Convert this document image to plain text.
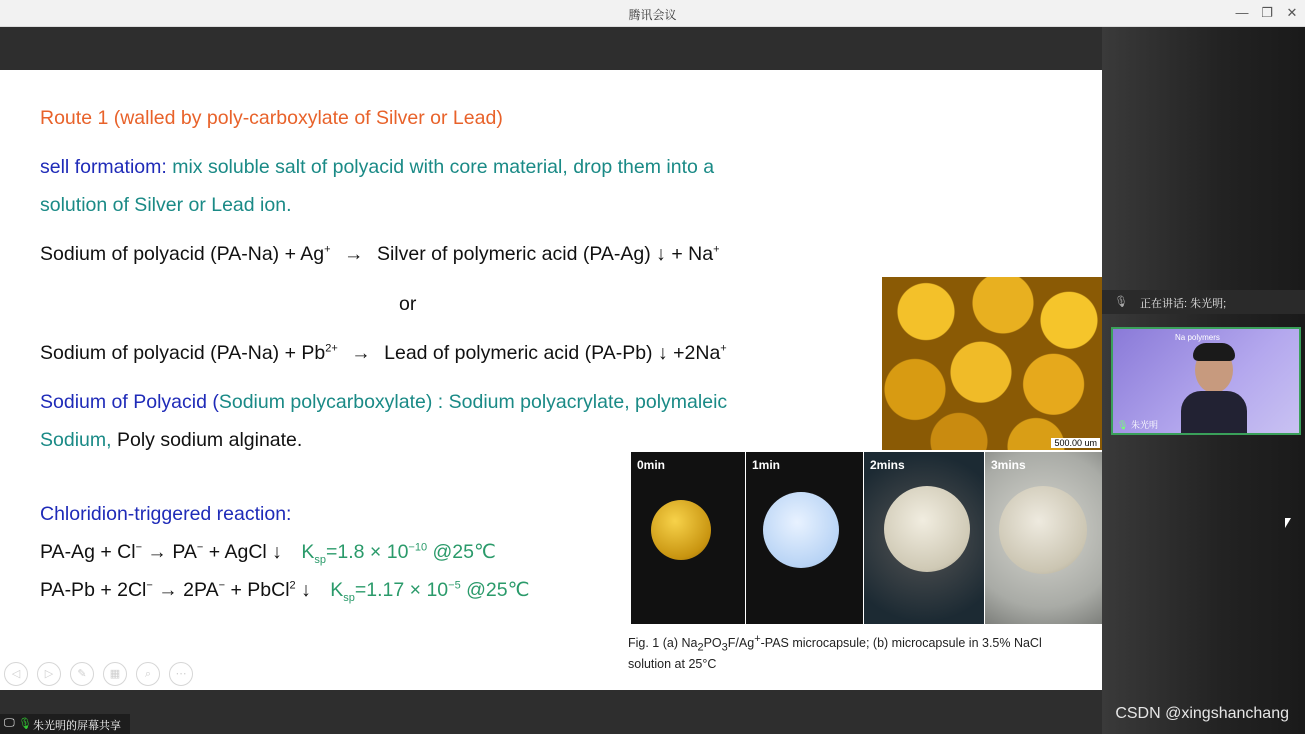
腾讯会议	— ❐ ✕
Route 1 (walled by poly-carboxylate of Silver or Lead)
sell formatiom: mix soluble salt of polyacid with core material, drop them into a
solution of Silver or Lead ion.
Sodium of polyacid (PA-Na) + Ag+ → Silver of polymeric acid (PA-Ag) ↓ + Na+
or
Sodium of polyacid $(PA-Na) + Pb^{2+}$ → Lead of polymeric acid (PA-Pb) ↓ +2Na+
Sodium of Polyacid (Sodium polycarboxylate) : Sodium polyacrylate, polymaleic
Sodium, Poly sodium alginate.
Chloridion-triggered reaction:
PA-Ag + Cl− → PA− + AgCl ↓ $K_{sp}=1.8 \times 10^{-10}$ @25℃
PA-Pb + 2Cl− → 2PA− + PbCl$^2$ ↓ $K_{sp}=1.17 \times 10^{-5}$ @25℃
500.00 um
0min	1min	2mins	3mins
Fig. 1 (a) $Na_2PO_3F/Ag^+$-PAS microcapsule; (b) microcapsule in 3.5% NaCl
solution at 25°C
◁	▷	✎	▦	⌕	⋯
🎙 正在讲话: 朱光明;
Na polymers
🎙 朱光明
🖵 🎙 朱光明的屏幕共享
CSDN @xingshanchang
